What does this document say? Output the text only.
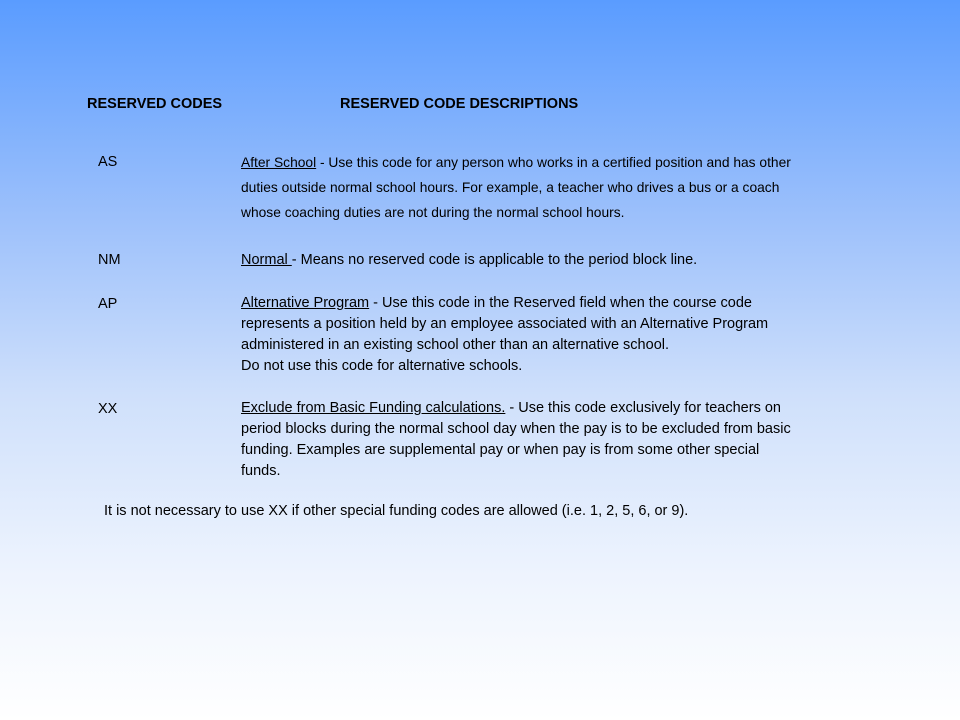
RESERVED CODES	RESERVED CODE DESCRIPTIONS
AS	After School - Use this code for any person who works in a certified position and has other
duties outside normal school hours. For example, a teacher who drives a bus or a coach
whose coaching duties are not during the normal school hours.
NM	Normal - Means no reserved code is applicable to the period block line.
AP	Alternative Program - Use this code in the Reserved field when the course code
represents a position held by an employee associated with an Alternative Program
administered in an existing school other than an alternative school.
Do not use this code for alternative schools.
XX	Exclude from Basic Funding calculations. - Use this code exclusively for teachers on
period blocks during the normal school day when the pay is to be excluded from basic
funding. Examples are supplemental pay or when pay is from some other special
funds.
It is not necessary to use XX if other special funding codes are allowed (i.e. 1, 2, 5, 6, or 9).
